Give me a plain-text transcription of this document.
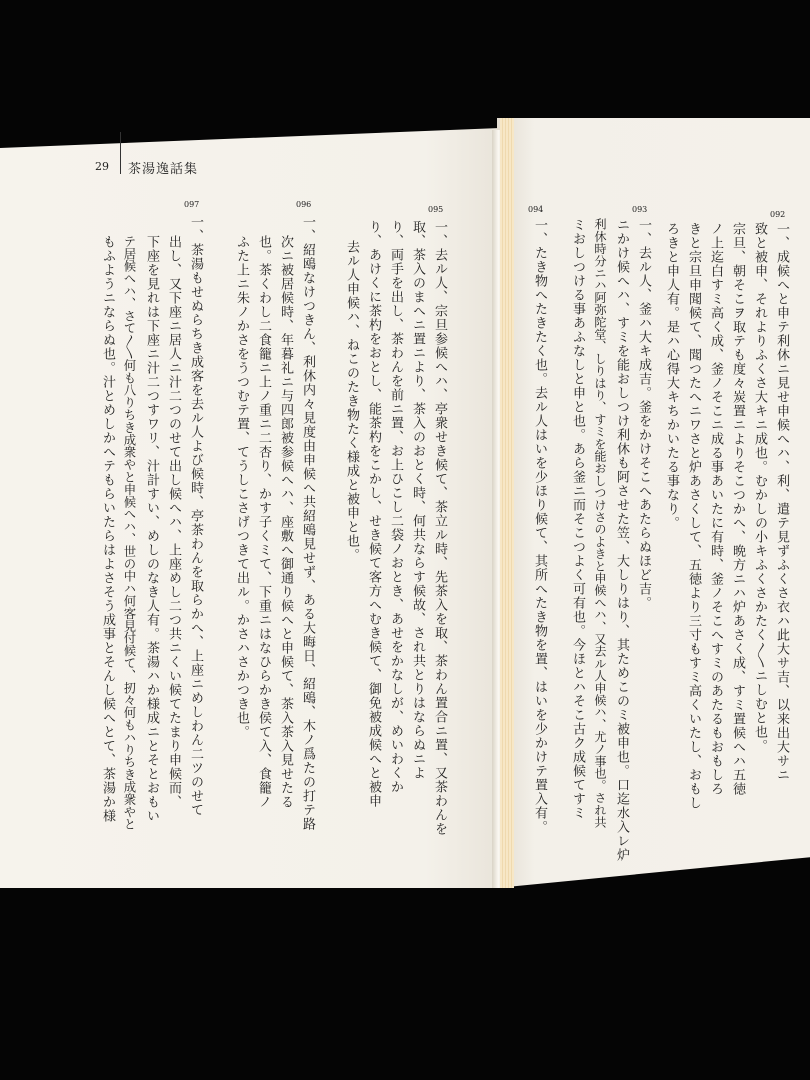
29 茶湯逸話集
092
一、成候へと申テ利休ニ見せ申候へハ、利、遣テ見ずふくさ衣ハ此大サ吉、以来出大サニ
致と被申、それよりふくさ大キニ成也。むかしの小キふくさかたく〳〵ニしむと也。
宗旦、朝そこヲ取テも度々炭置ニよりそこつかへ、晩方ニハ炉あさく成、すミ置候へハ五徳
ノ上迄白すミ高く成、釜ノそこニ成る事あいたに有時、釜ノそこへすミのあたるもおもしろ
きと宗旦申聞候て、聞つたへニワさと炉あさくして、五徳より三寸もすミ高くいたし、おもし
ろきと申人有。是ハ心得大キちかいたる事なり。
093
一、去ル人、釜ハ大キ成吉。釜をかけそこへあたらぬほど吉。
ニかけ候へハ、すミを能おしつけ利休も阿させた笠、大しりはり、其ためこのミ被申也。口迄水入レ炉
利休時分ニハ阿弥陀堂、しりはり、すミを能おしつけさのよきと申候へハ、又去ル人申候ハ、尤ノ事也。され共
ミおしつける事あふなしと申と也。あら釜ニ而そこつよく可有也。今ほとハそこ古ク成候てすミ
094
一、たき物へたきたく也。去ル人はいを少ほり候て、其所へたき物を置、はいを少かけテ置入有。
095
一、去ル人、宗旦参候へハ、亭衆せき候て、茶立ル時、先茶入を取、茶わん置合ニ置、又茶わんを
取、茶入のまへニ置ニより、茶入のおとく時、何共ならす候故、され共とりはならぬニよ
り、両手を出し、茶わんを前ニ置、お上ひこし二袋ノおとき、あせをかなしが、めいわくか
り、あけくに茶杓をおとし、能茶杓をこかし、せき候て客方へむき候て、御免被成候へと被申
去ル人申候ハ、ねこのたき物たく様成と被申と也。
096
一、紹鴎なけつきん、利休内々見度由申候へ共紹鴎見せず、ある大晦日、紹鴎、木ノ爲たの打テ路
次ニ被居候時、年暮礼ニ与四郎被参候へハ、座敷へ御通り候へと申候て、茶入茶入見せたる
也。茶くわし二食籠ニ上ノ重ニ二杏り、かす子くミて、下重ニはなひらかき侯て入、食籠ノ
ふた上ニ朱ノかさをうつむテ置、てうしこさげつきて出ル。かさハさかつき也。
097
一、茶湯もせぬらちき成客を去ル人よび候時、亭茶わんを取らかへ、上座ニめしわん二ツのせて
出し、又下座ニ居人ニ汁二つのせて出し候へハ、上座めし二つ共ニくい候てたまり申候而、
下座を見れは下座ニ汁二つすワリ、汁計すい、めしのなき人有。茶湯ハか様成ニとそとおもい
テ居候へハ、さて〳〵何も八りちき成衆やと申候へハ、世の中ハ何客見付候て、扨々何もハりちき成衆やと
もふようニならぬ也。汁とめしかへテもらいたらはよさそう成事とそんし候へとて、茶湯か様
